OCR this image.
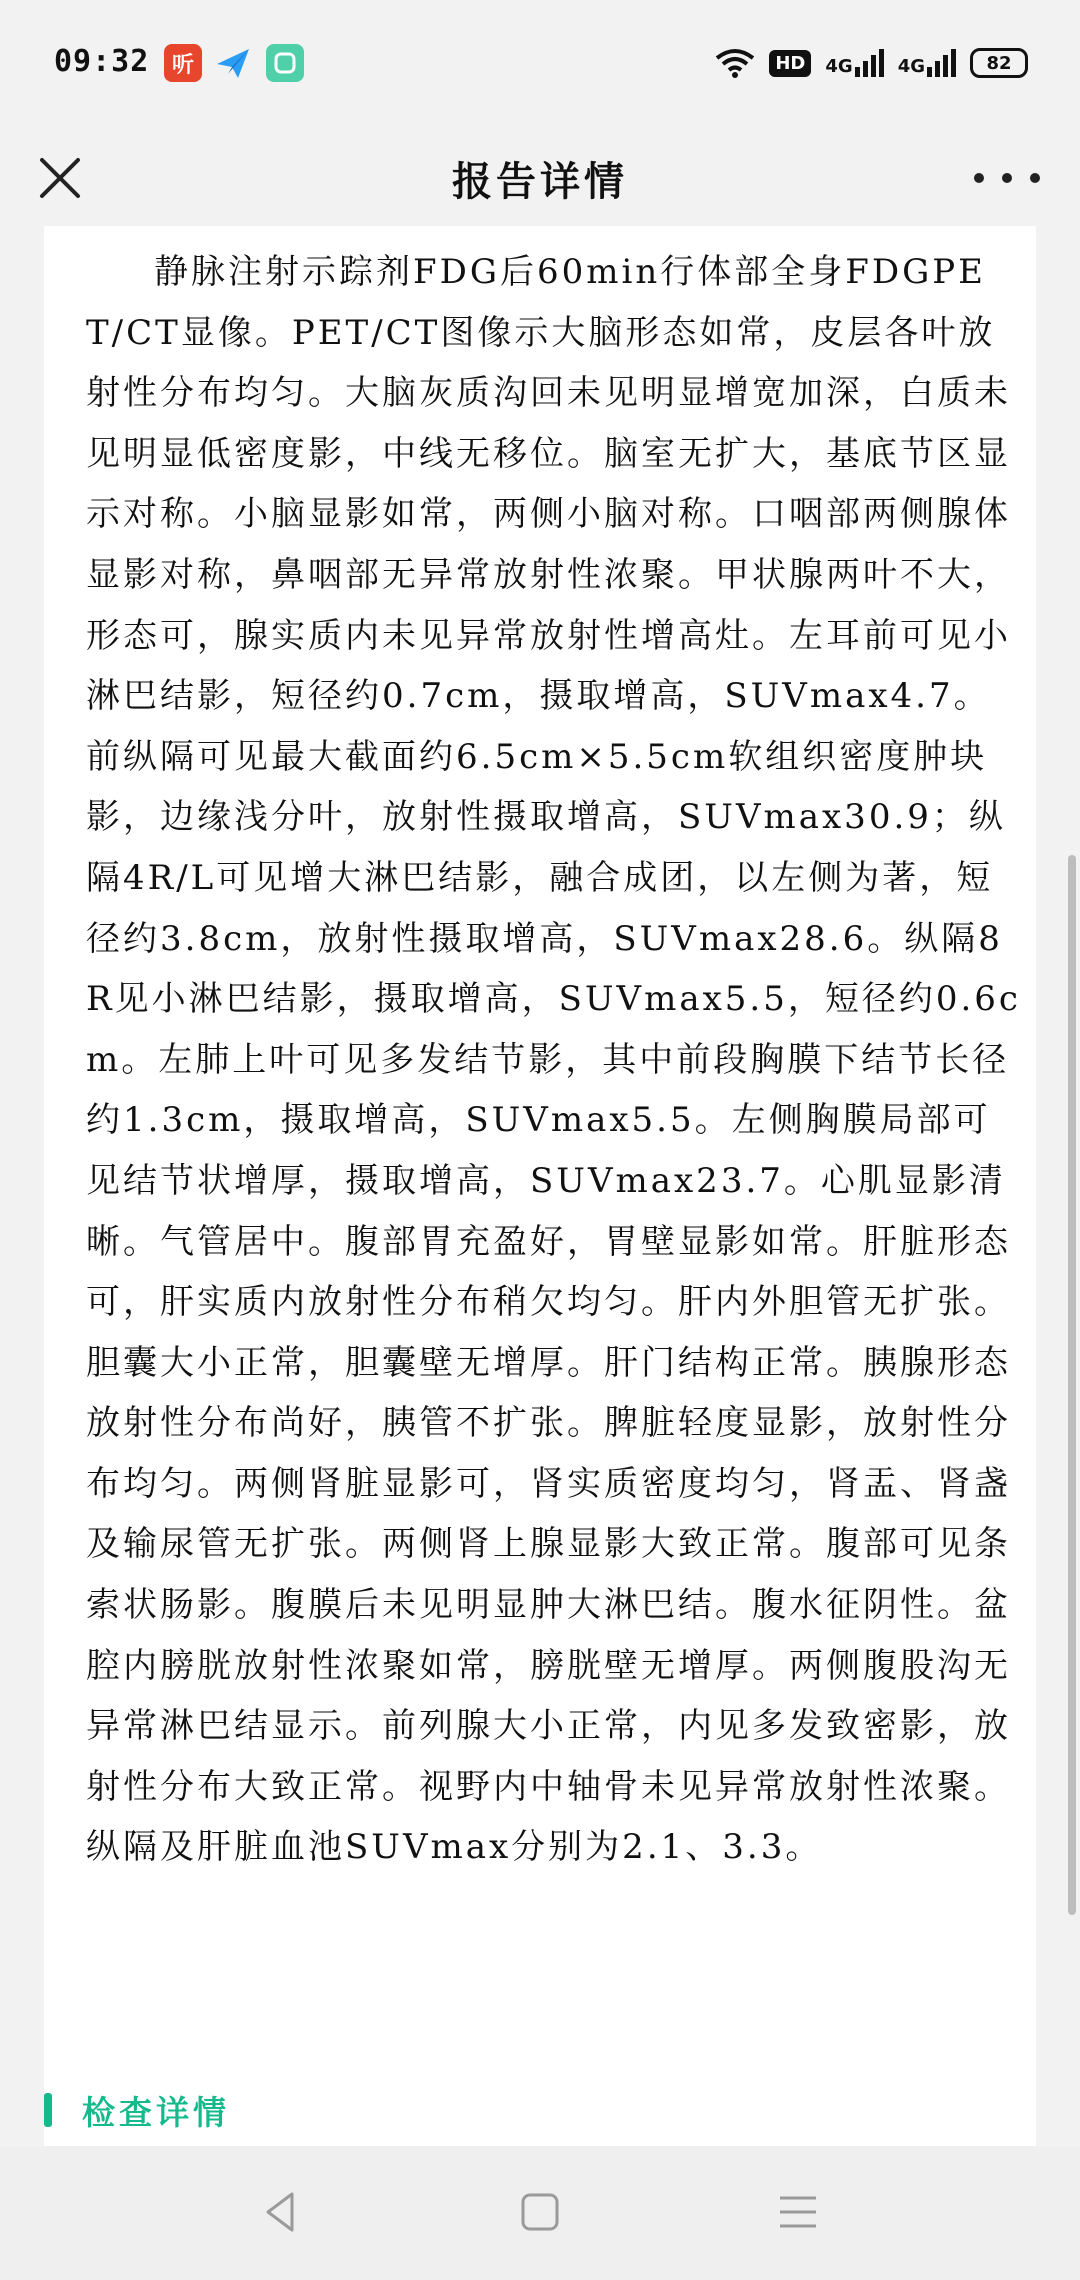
09:32 听	HD	4G	4G	82
报告详情

静脉注射示踪剂FDG后60min行体部全身FDGPET/CT显像。PET/CT图像示大脑形态如常，皮层各叶放射性分布均匀。大脑灰质沟回未见明显增宽加深，白质未见明显低密度影，中线无移位。脑室无扩大，基底节区显示对称。小脑显影如常，两侧小脑对称。口咽部两侧腺体显影对称，鼻咽部无异常放射性浓聚。甲状腺两叶不大，形态可，腺实质内未见异常放射性增高灶。左耳前可见小淋巴结影，短径约0.7cm，摄取增高，SUVmax4.7。前纵隔可见最大截面约6.5cm×5.5cm软组织密度肿块影，边缘浅分叶，放射性摄取增高，SUVmax30.9；纵隔4R/L可见增大淋巴结影，融合成团，以左侧为著，短径约3.8cm，放射性摄取增高，SUVmax28.6。纵隔8R见小淋巴结影，摄取增高，SUVmax5.5，短径约0.6cm。左肺上叶可见多发结节影，其中前段胸膜下结节长径约1.3cm，摄取增高，SUVmax5.5。左侧胸膜局部可见结节状增厚，摄取增高，SUVmax23.7。心肌显影清晰。气管居中。腹部胃充盈好，胃壁显影如常。肝脏形态可，肝实质内放射性分布稍欠均匀。肝内外胆管无扩张。胆囊大小正常，胆囊壁无增厚。肝门结构正常。胰腺形态放射性分布尚好，胰管不扩张。脾脏轻度显影，放射性分布均匀。两侧肾脏显影可，肾实质密度均匀，肾盂、肾盏及输尿管无扩张。两侧肾上腺显影大致正常。腹部可见条索状肠影。腹膜后未见明显肿大淋巴结。腹水征阴性。盆腔内膀胱放射性浓聚如常，膀胱壁无增厚。两侧腹股沟无异常淋巴结显示。前列腺大小正常，内见多发致密影，放射性分布大致正常。视野内中轴骨未见异常放射性浓聚。纵隔及肝脏血池SUVmax分别为2.1、3.3。

检查详情
